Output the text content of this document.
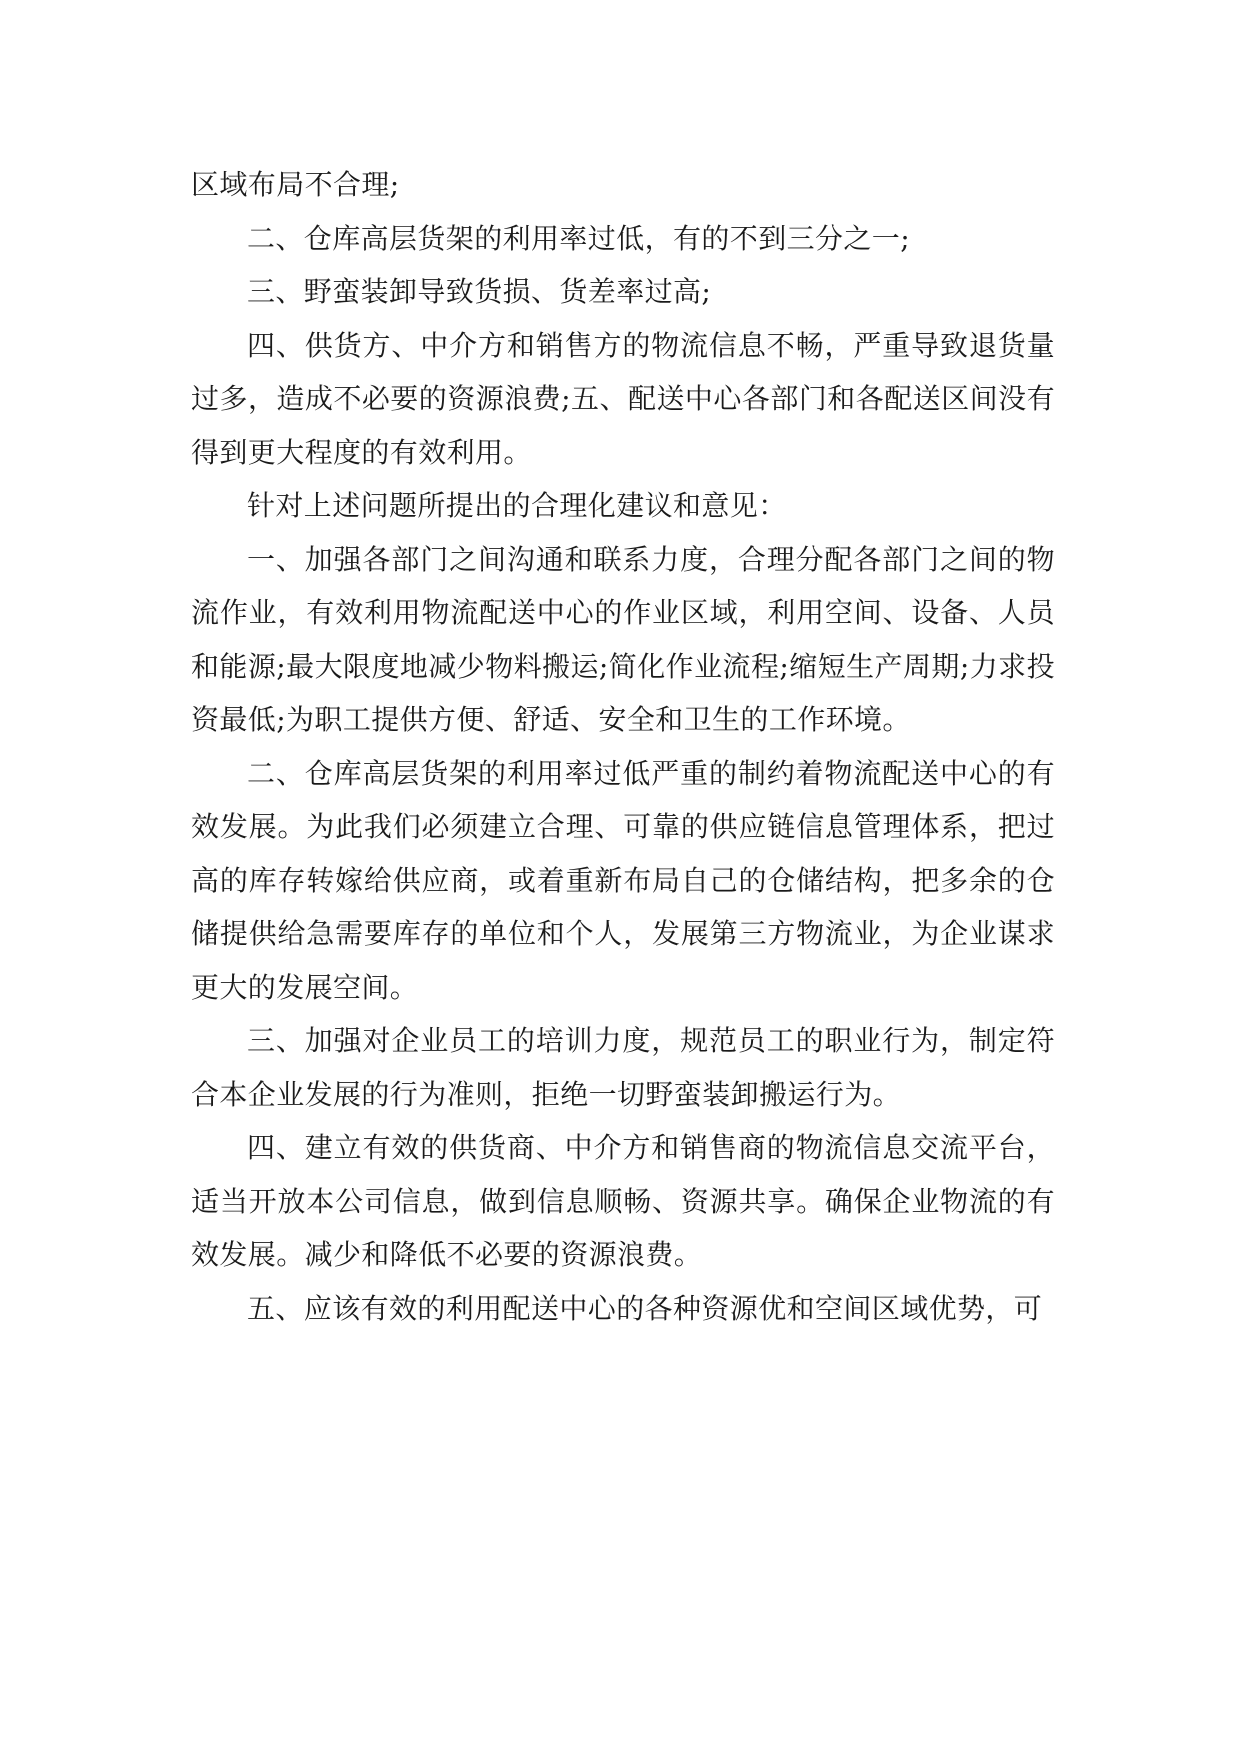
区域布局不合理;

二、仓库高层货架的利用率过低，有的不到三分之一;

三、野蛮装卸导致货损、货差率过高;

四、供货方、中介方和销售方的物流信息不畅，严重导致退货量过多，造成不必要的资源浪费;五、配送中心各部门和各配送区间没有得到更大程度的有效利用。

针对上述问题所提出的合理化建议和意见：

一、加强各部门之间沟通和联系力度，合理分配各部门之间的物流作业，有效利用物流配送中心的作业区域，利用空间、设备、人员和能源;最大限度地减少物料搬运;简化作业流程;缩短生产周期;力求投资最低;为职工提供方便、舒适、安全和卫生的工作环境。

二、仓库高层货架的利用率过低严重的制约着物流配送中心的有效发展。为此我们必须建立合理、可靠的供应链信息管理体系，把过高的库存转嫁给供应商，或着重新布局自己的仓储结构，把多余的仓储提供给急需要库存的单位和个人，发展第三方物流业，为企业谋求更大的发展空间。

三、加强对企业员工的培训力度，规范员工的职业行为，制定符合本企业发展的行为准则，拒绝一切野蛮装卸搬运行为。

四、建立有效的供货商、中介方和销售商的物流信息交流平台，适当开放本公司信息，做到信息顺畅、资源共享。确保企业物流的有效发展。减少和降低不必要的资源浪费。

五、应该有效的利用配送中心的各种资源优和空间区域优势，可
